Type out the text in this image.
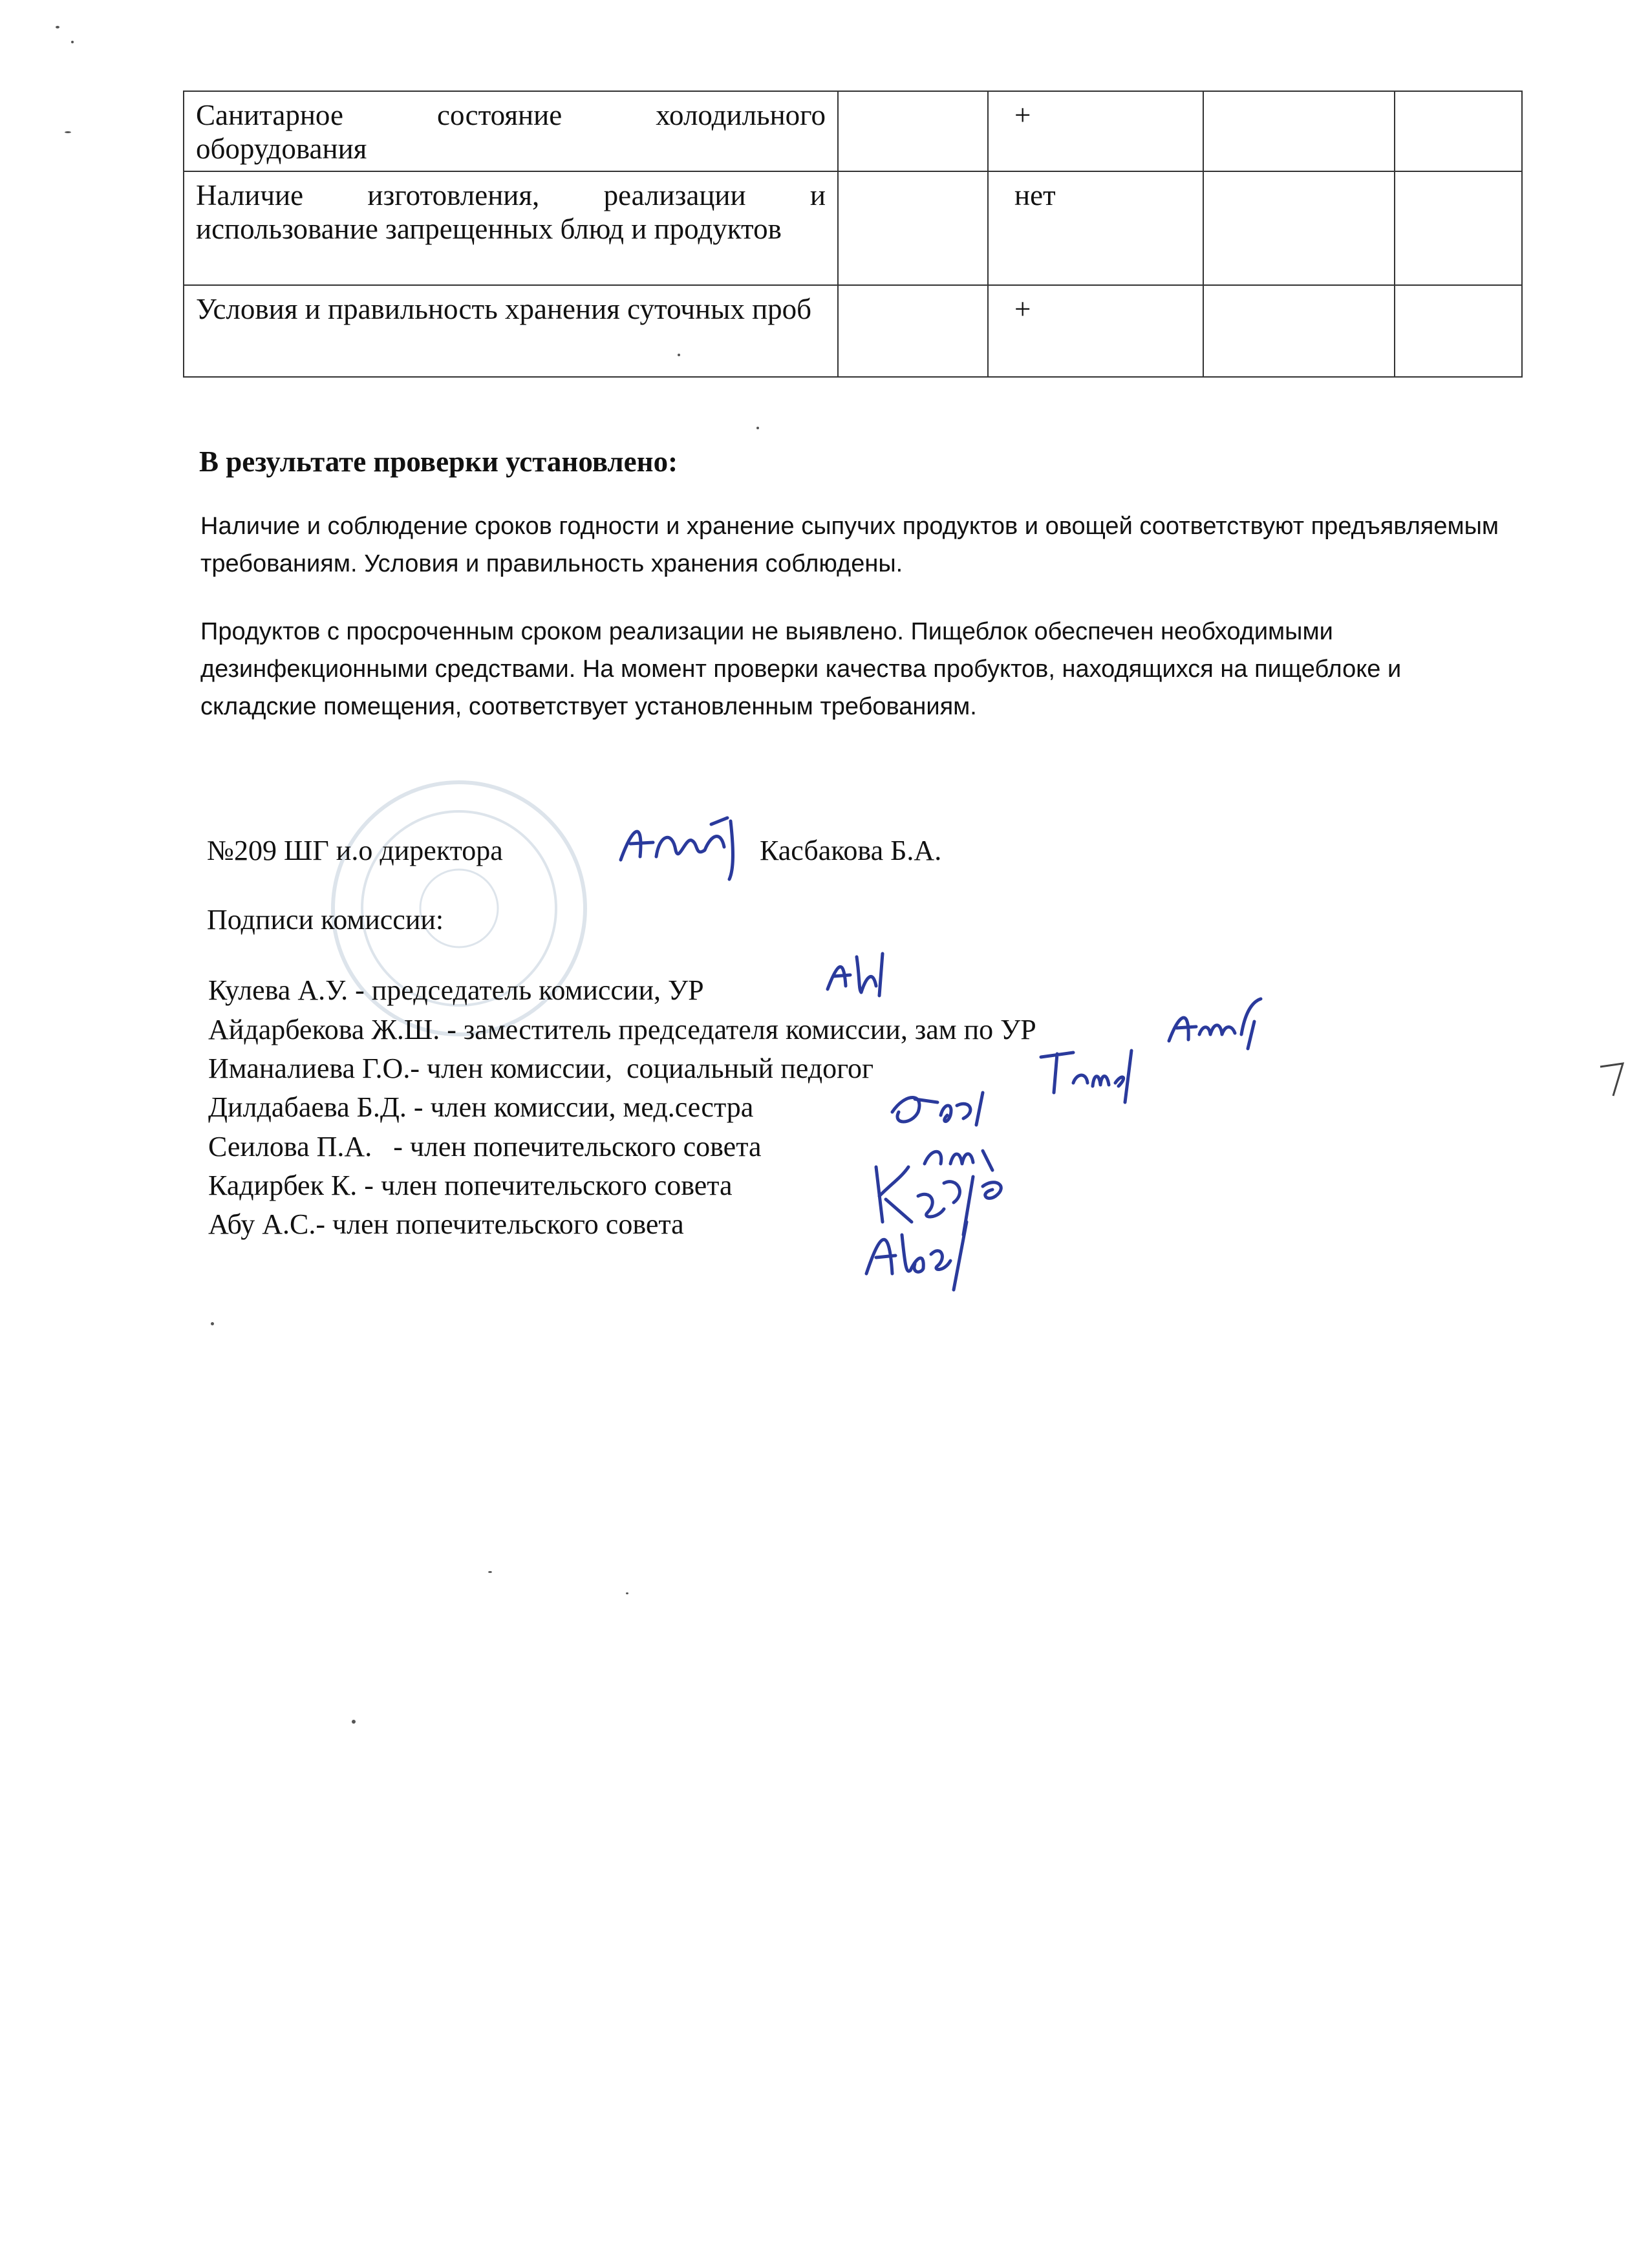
Санитарное состояние холодильного оборудования		+		
Наличие изготовления, реализации и использование запрещенных блюд и продуктов		нет		
Условия и правильность хранения суточных проб		+		
В результате проверки установлено:

Наличие и соблюдение сроков годности и хранение сыпучих продуктов и овощей соответствуют предъявляемым требованиям. Условия и правильность хранения соблюдены.

Продуктов с просроченным сроком реализации не выявлено. Пищеблок обеспечен необходимыми дезинфекционными средствами. На момент проверки качества пробуктов, находящихся на пищеблоке и складские помещения, соответствует установленным требованиям.

№209 ШГ и.о директора	Касбакова Б.А.
Подписи комиссии:
Кулева А.У. - председатель комиссии, УР
Айдарбекова Ж.Ш. - заместитель председателя комиссии, зам по УР
Иманалиева Г.О.- член комиссии,  социальный педогог
Дилдабаева Б.Д. - член комиссии, мед.сестра
Сеилова П.А.   - член попечительского совета
Кадирбек К. - член попечительского совета
Абу А.С.- член попечительского совета
